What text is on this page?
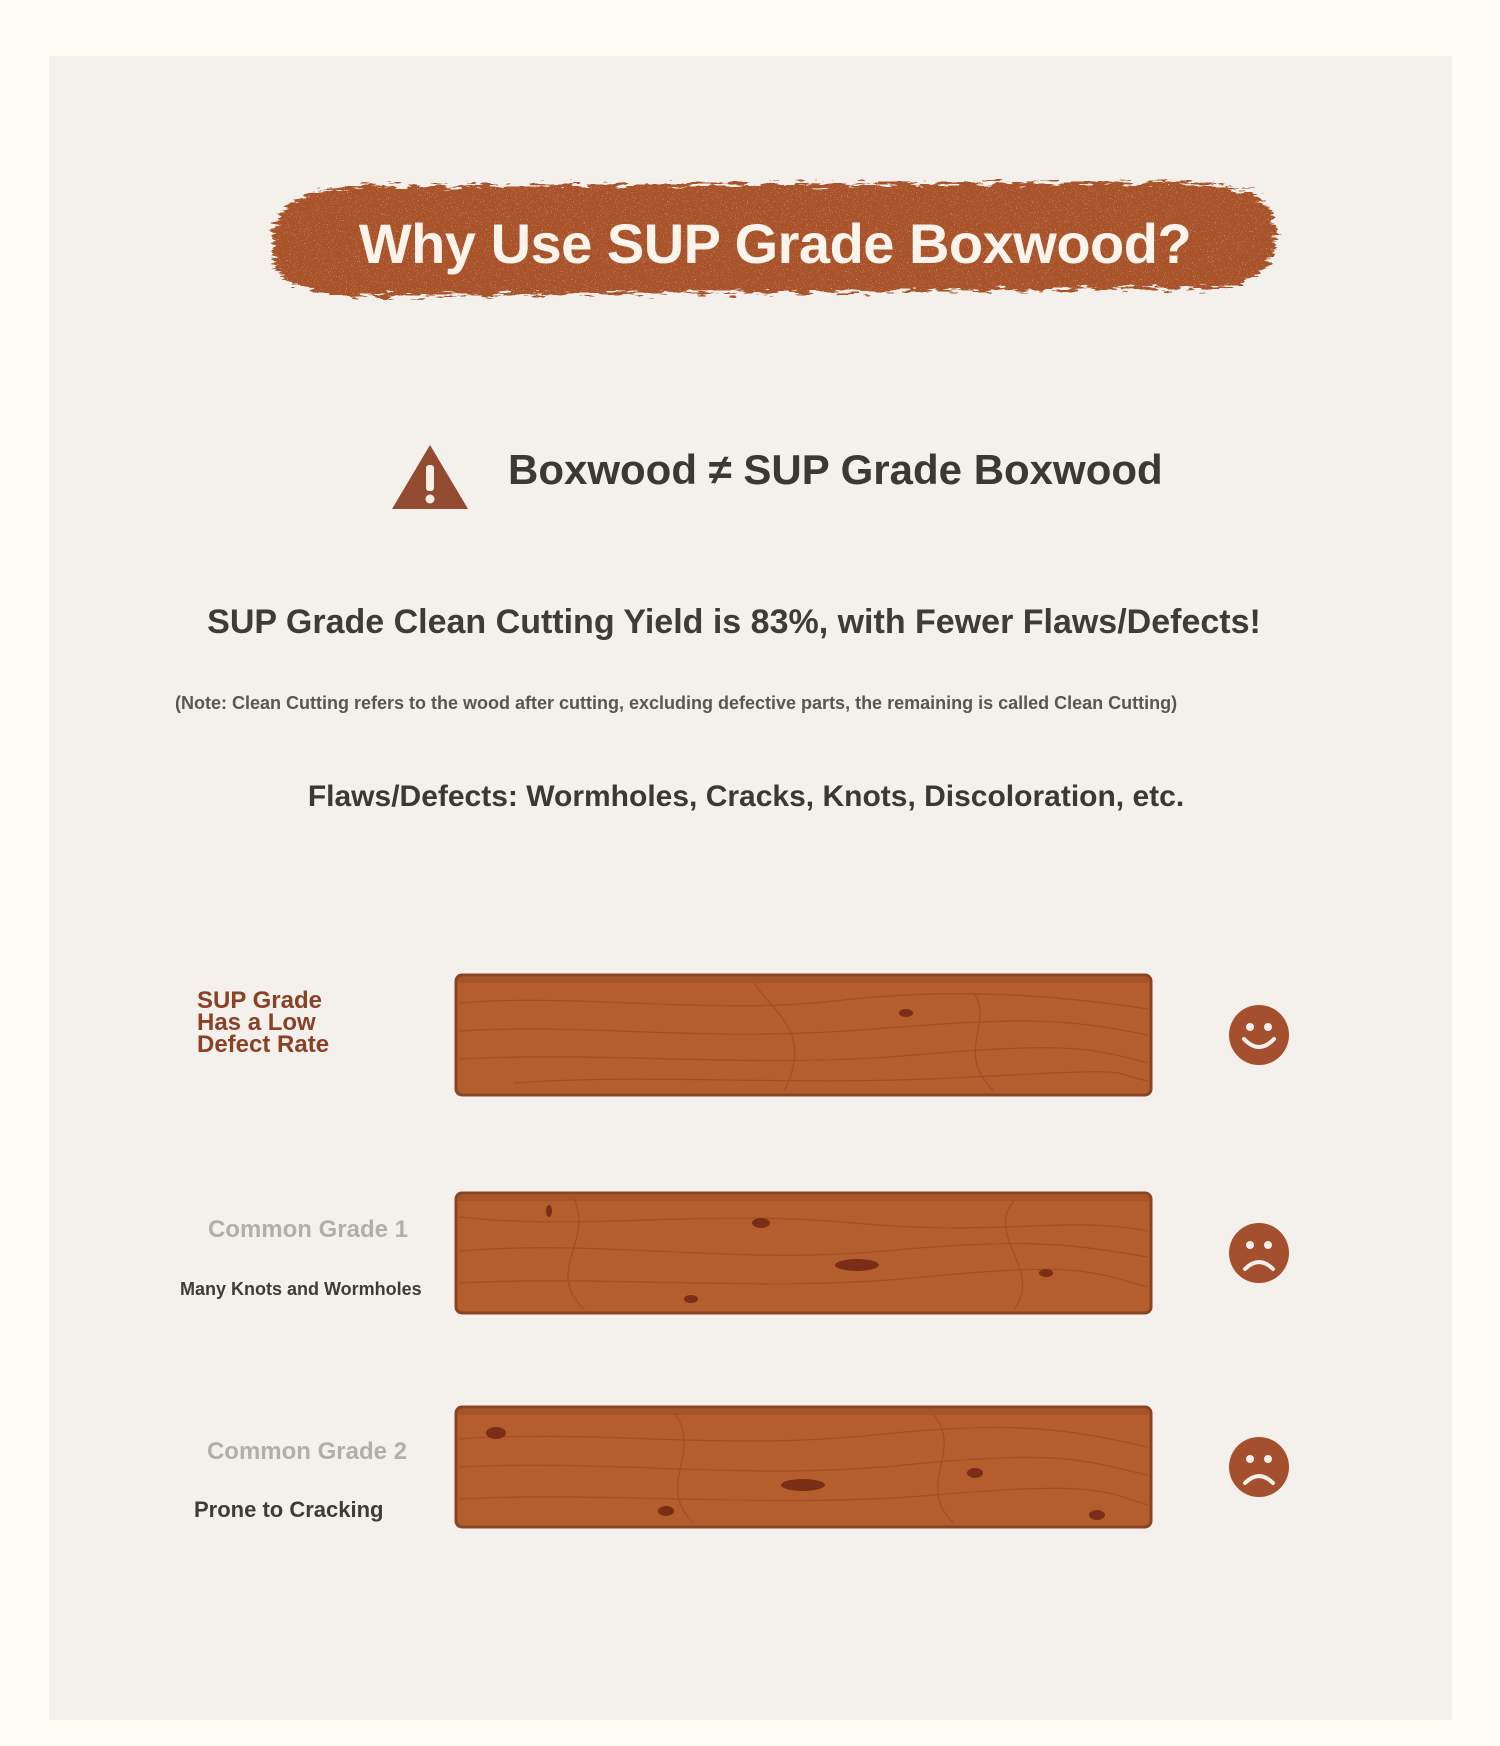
Why Use SUP Grade Boxwood?
Boxwood ≠ SUP Grade Boxwood
SUP Grade Clean Cutting Yield is 83%, with Fewer Flaws/Defects!
(Note: Clean Cutting refers to the wood after cutting, excluding defective parts, the remaining is called Clean Cutting)
Flaws/Defects: Wormholes, Cracks, Knots, Discoloration, etc.
SUP Grade Has a Low Defect Rate
Common Grade 1
Many Knots and Wormholes
Common Grade 2
Prone to Cracking
